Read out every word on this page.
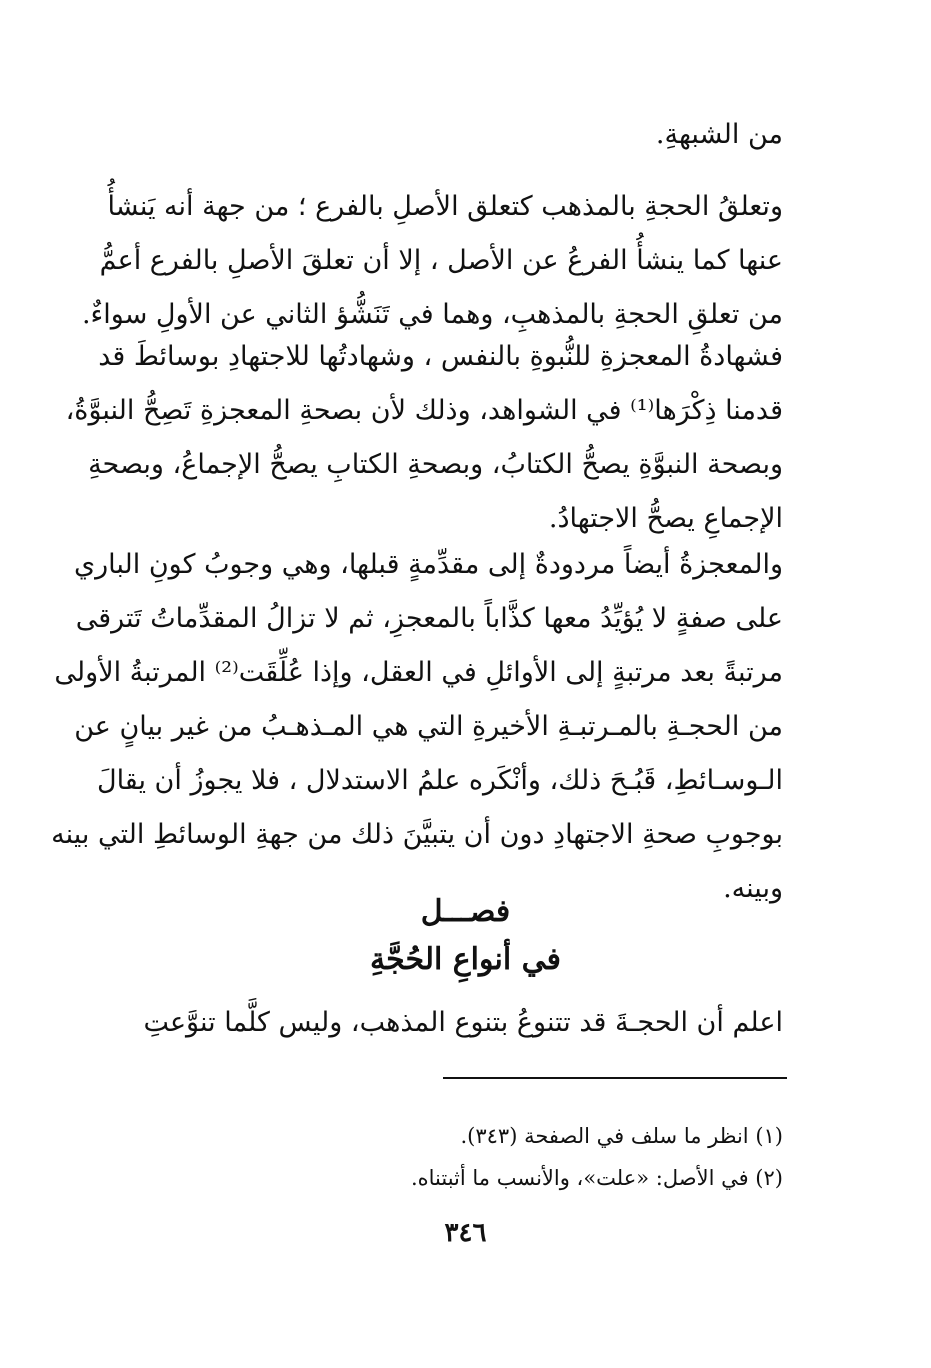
من الشبهةِ.
وتعلقُ الحجةِ بالمذهب كتعلق الأصلِ بالفرع ؛ من جهة أنه يَنشأُ
عنها كما ينشأُ الفرعُ عن الأصل ، إلا أن تعلقَ الأصلِ بالفرع أعمُّ
من تعلقِ الحجةِ بالمذهبِ، وهما في تَنَشُّؤ الثاني عن الأولِ سواءٌ.
فشهادةُ المعجزةِ للنُّبوةِ بالنفس ، وشهادتُها للاجتهادِ بوسائطَ قد
قدمنا ذِكْرَها⁽¹⁾ في الشواهد، وذلك لأن بصحةِ المعجزةِ تَصِحُّ النبوَّةُ،
وبصحة النبوَّةِ يصحُّ الكتابُ، وبصحةِ الكتابِ يصحُّ الإجماعُ، وبصحةِ
الإجماعِ يصحُّ الاجتهادُ.
والمعجزةُ أيضاً مردودةٌ إلى مقدِّمةٍ قبلها، وهي وجوبُ كونِ الباري
على صفةٍ لا يُؤيِّدُ معها كذَّاباً بالمعجزِ، ثم لا تزالُ المقدِّماتُ تَترقى
مرتبةً بعد مرتبةٍ إلى الأوائلِ في العقل، وإذا عُلِّقَت⁽²⁾ المرتبةُ الأولى
من الحجـةِ بالمـرتبـةِ الأخيرةِ التي هي المـذهـبُ من غير بيانٍ عن
الـوسـائطِ، قَبُـحَ ذلك، وأنْكَره علمُ الاستدلال ، فلا يجوزُ أن يقالَ
بوجوبِ صحةِ الاجتهادِ دون أن يتبيَّنَ ذلك من جهةِ الوسائطِ التي بينه
وبينه.
فصـــل
في أنواعِ الحُجَّةِ
اعلم أن الحجـةَ قد تتنوعُ بتنوع المذهب، وليس كلَّما تنوَّعتِ
(١) انظر ما سلف في الصفحة (٣٤٣).
(٢) في الأصل: «علت»، والأنسب ما أثبتناه.
٣٤٦
